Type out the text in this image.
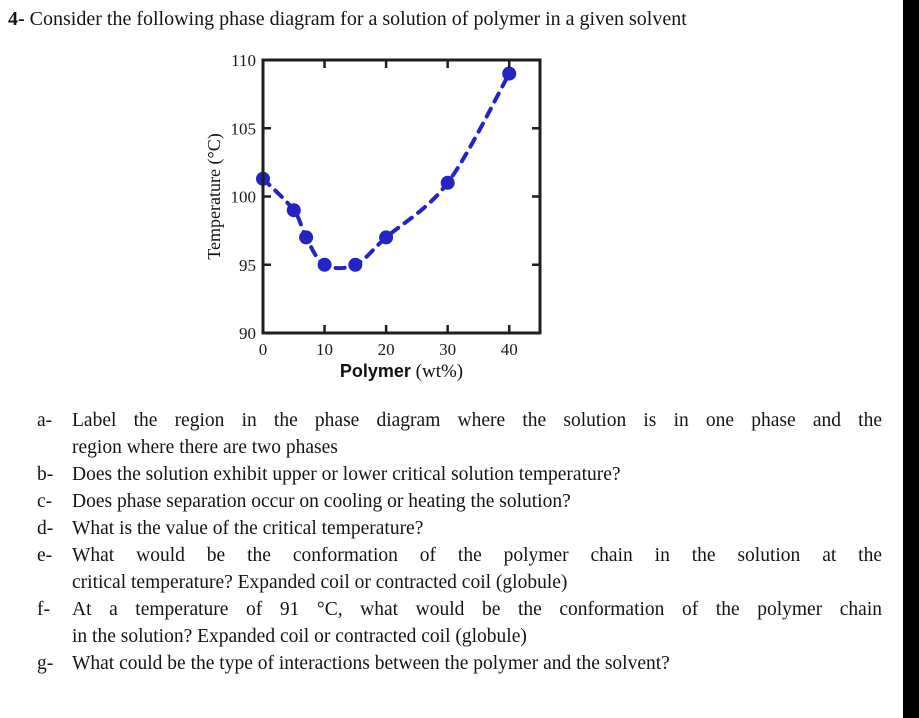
4- Consider the following phase diagram for a solution of polymer in a given solvent

0	10	20	30	40
90
95
100
105
110
Polymer (wt%)
Temperature (°C)
a-	Label the region in the phase diagram where the solution is in one phase and the
region where there are two phases
b- Does the solution exhibit upper or lower critical solution temperature?
c-	Does phase separation occur on cooling or heating the solution?
d- What is the value of the critical temperature?
e-	What would be the conformation of the polymer chain in the solution at the
critical temperature? Expanded coil or contracted coil (globule)
f-	At a temperature of 91 °C, what would be the conformation of the polymer chain
in the solution? Expanded coil or contracted coil (globule)
g- What could be the type of interactions between the polymer and the solvent?
